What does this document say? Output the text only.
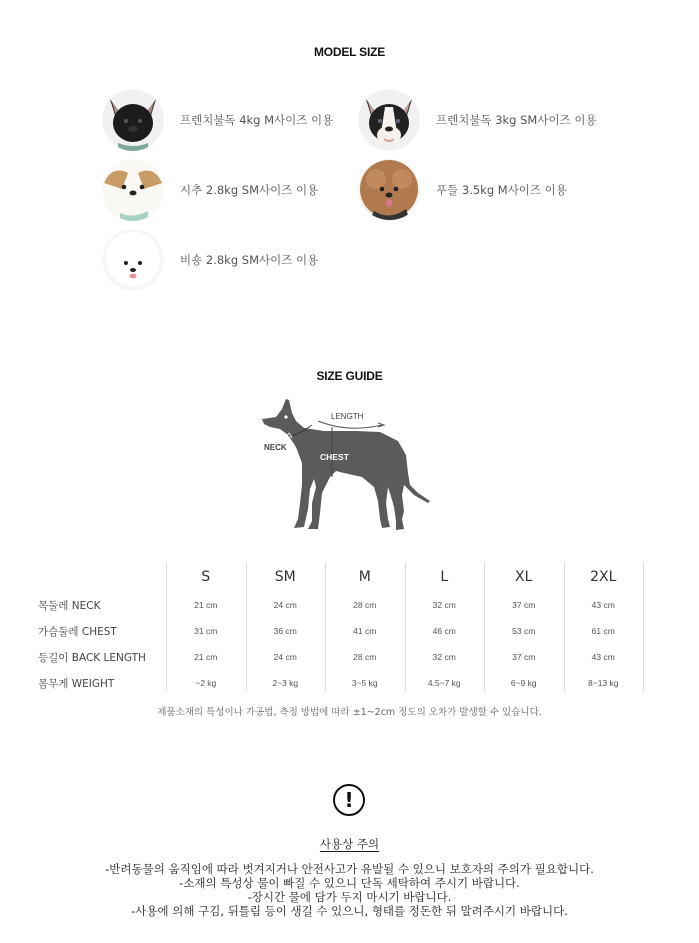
MODEL SIZE
프렌치불독 4kg M사이즈 이용	프렌치불독 3kg SM사이즈 이용
시추 2.8kg SM사이즈 이용	푸들 3.5kg M사이즈 이용
비숑 2.8kg SM사이즈 이용
SIZE GUIDE
LENGTH
NECK
CHEST
S	SM	M	L	XL	2XL
목둘레 NECK	21 cm	24 cm	28 cm	32 cm	37 cm	43 cm
가슴둘레 CHEST	31 cm	36 cm	41 cm	46 cm	53 cm	61 cm
등길이 BACK LENGTH	21 cm	24 cm	28 cm	32 cm	37 cm	43 cm
몸무게 WEIGHT	~2 kg	2~3 kg	3~5 kg	4.5~7 kg	6~9 kg	8~13 kg
제품소재의 특성이나 가공법, 측정 방법에 따라 ±1~2cm 정도의 오차가 발생할 수 있습니다.
!
사용상 주의
-반려동물의 움직임에 따라 벗겨지거나 안전사고가 유발될 수 있으니 보호자의 주의가 필요합니다.
-소재의 특성상 물이 빠질 수 있으니 단독 세탁하여 주시기 바랍니다.
-장시간 물에 담가 두지 마시기 바랍니다.
-사용에 의해 구김, 뒤틀림 등이 생길 수 있으니, 형태를 정돈한 뒤 말려주시기 바랍니다.
